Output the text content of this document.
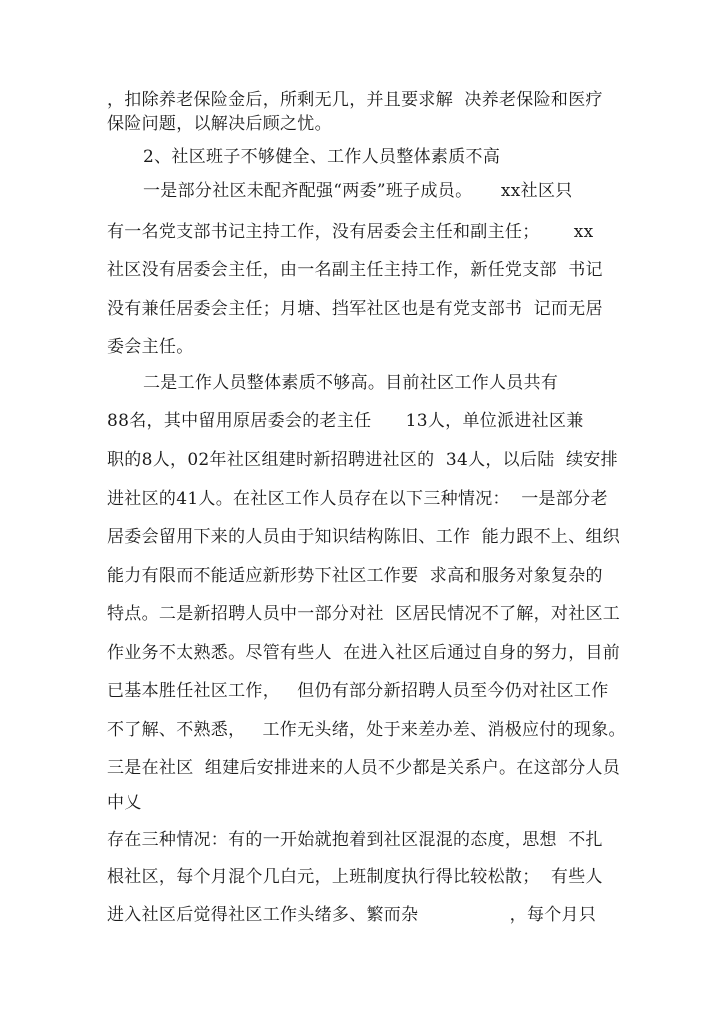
，扣除养老保险金后，所剩无几，并且要求解  决养老保险和医疗
保险问题，以解决后顾之忧。
2、社区班子不够健全、工作人员整体素质不高
一是部分社区未配齐配强“两委”班子成员。     xx社区只
有一名党支部书记主持工作，没有居委会主任和副主任；      xx
社区没有居委会主任，由一名副主任主持工作，新任党支部  书记
没有兼任居委会主任；月塘、挡军社区也是有党支部书  记而无居
委会主任。
二是工作人员整体素质不够高。目前社区工作人员共有
88名，其中留用原居委会的老主任      13人，单位派进社区兼
职的8人，02年社区组建时新招聘进社区的  34人，以后陆  续安排
进社区的41人。在社区工作人员存在以下三种情况：  一是部分老
居委会留用下来的人员由于知识结构陈旧、工作  能力跟不上、组织
能力有限而不能适应新形势下社区工作要  求高和服务对象复杂的
特点。二是新招聘人员中一部分对社  区居民情况不了解，对社区工
作业务不太熟悉。尽管有些人  在进入社区后通过自身的努力，目前
已基本胜任社区工作，   但仍有部分新招聘人员至今仍对社区工作
不了解、不熟悉，   工作无头绪，处于来差办差、消极应付的现象。
三是在社区  组建后安排进来的人员不少都是关系户。在这部分人员
中乂
存在三种情况：有的一开始就抱着到社区混混的态度，思想  不扎
根社区，每个月混个几白元，上班制度执行得比较松散；  有些人
进入社区后觉得社区工作头绪多、繁而杂                ，每个月只
